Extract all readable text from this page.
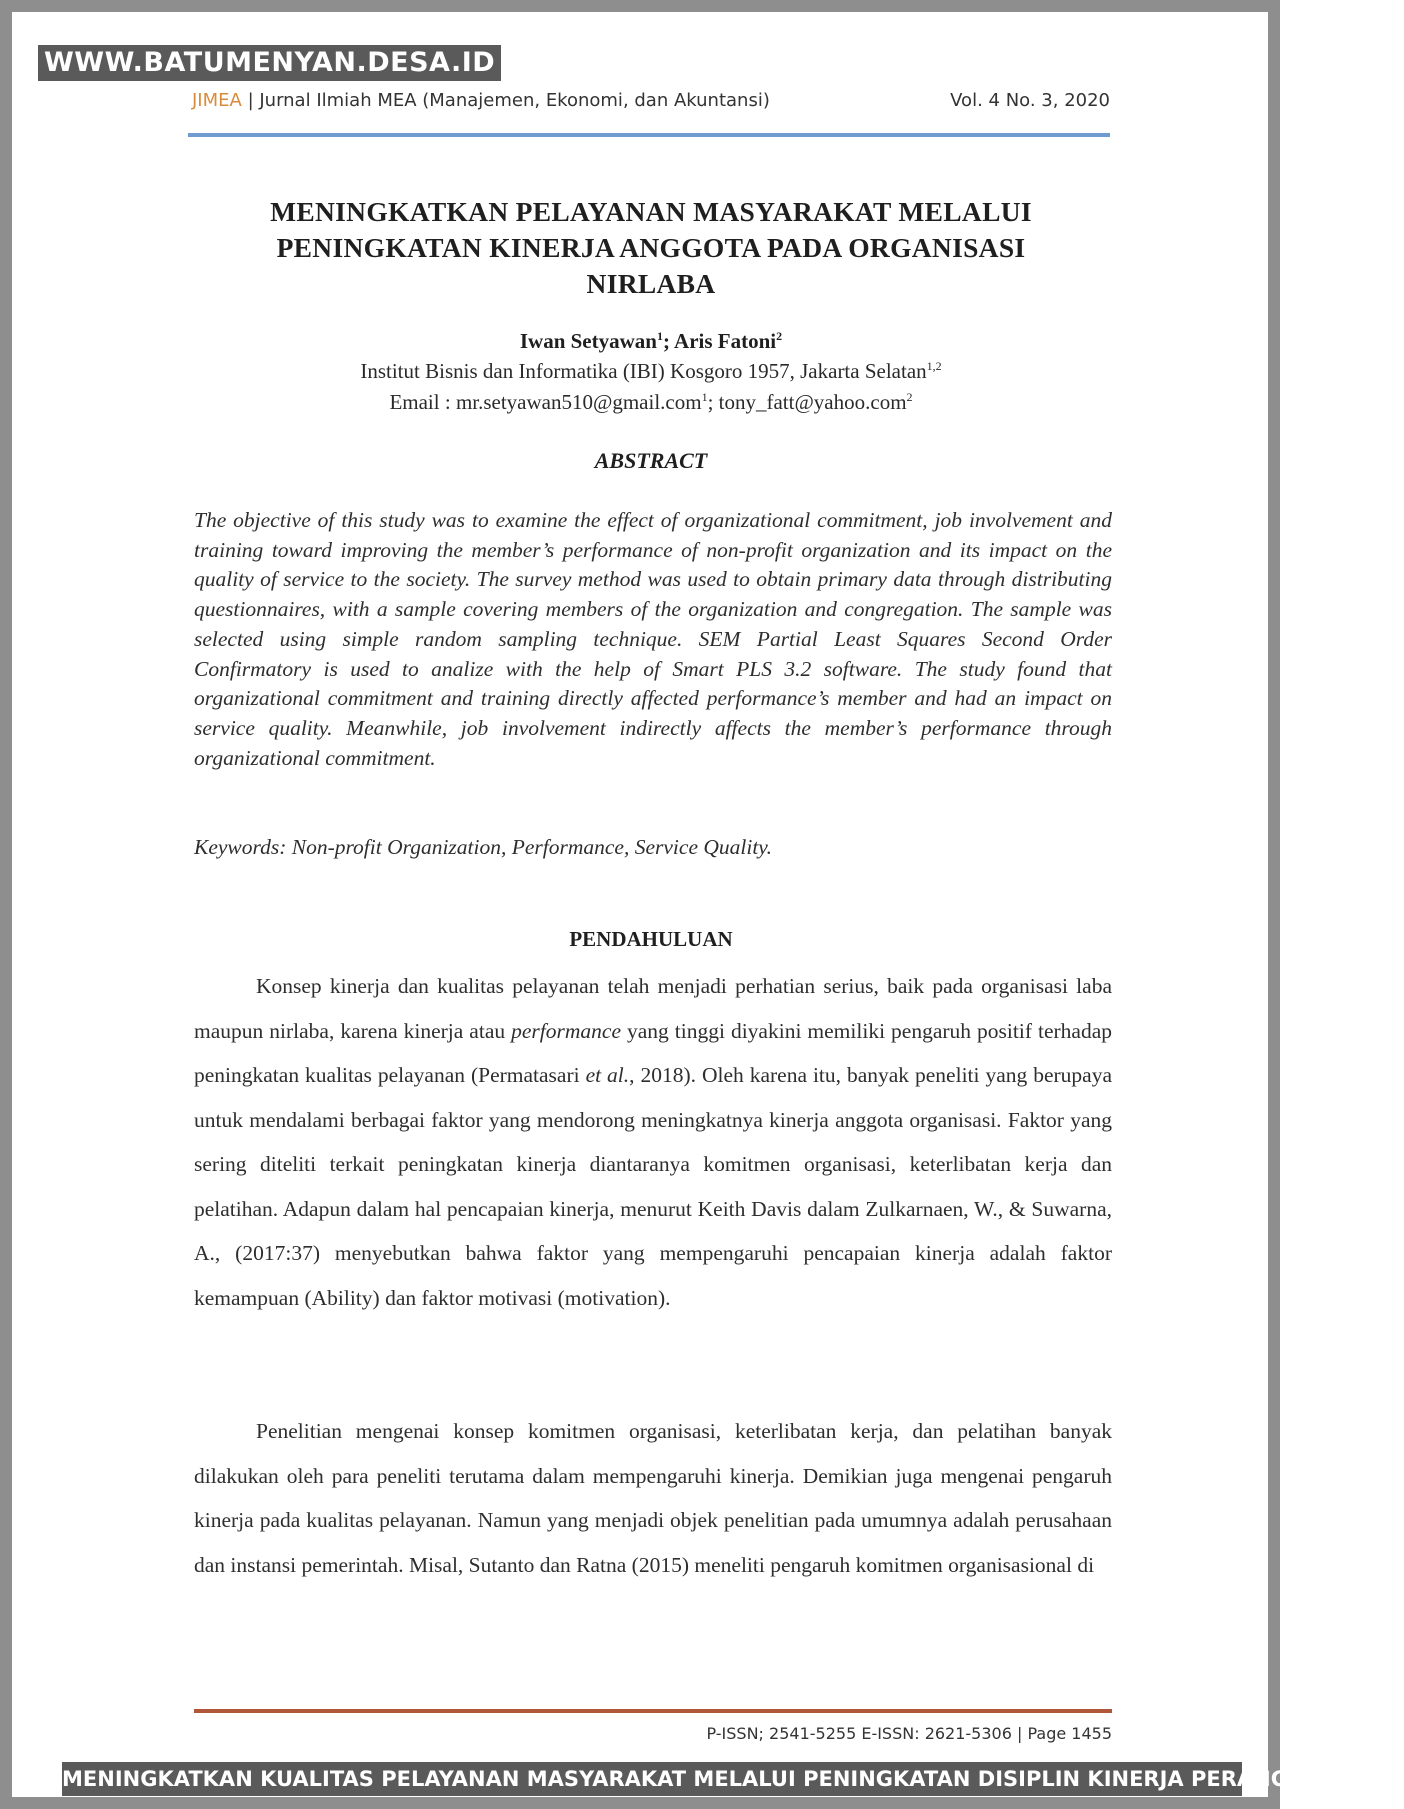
WWW.BATUMENYAN.DESA.ID
JIMEA | Jurnal Ilmiah MEA (Manajemen, Ekonomi, dan Akuntansi)	Vol. 4 No. 3, 2020
MENINGKATKAN PELAYANAN MASYARAKAT MELALUI
PENINGKATAN KINERJA ANGGOTA PADA ORGANISASI
NIRLABA
Iwan Setyawan$^1$; Aris Fatoni$^2$
Institut Bisnis dan Informatika (IBI) Kosgoro 1957, Jakarta Selatan$^{1,2}$
Email : mr.setyawan510@gmail.com$^1$; tony_fatt@yahoo.com$^2$
ABSTRACT

The objective of this study was to examine the effect of organizational commitment, job involvement and training toward improving the member’s performance of non-profit organization and its impact on the quality of service to the society. The survey method was used to obtain primary data through distributing questionnaires, with a sample covering members of the organization and congregation. The sample was selected using simple random sampling technique. SEM Partial Least Squares Second Order Confirmatory is used to analize with the help of Smart PLS 3.2 software. The study found that organizational commitment and training directly affected performance’s member and had an impact on service quality. Meanwhile, job involvement indirectly affects the member’s performance through organizational commitment.

Keywords: Non-profit Organization, Performance, Service Quality.
PENDAHULUAN

Konsep kinerja dan kualitas pelayanan telah menjadi perhatian serius, baik pada organisasi laba maupun nirlaba, karena kinerja atau performance yang tinggi diyakini memiliki pengaruh positif terhadap peningkatan kualitas pelayanan (Permatasari et al., 2018). Oleh karena itu, banyak peneliti yang berupaya untuk mendalami berbagai faktor yang mendorong meningkatnya kinerja anggota organisasi. Faktor yang sering diteliti terkait peningkatan kinerja diantaranya komitmen organisasi, keterlibatan kerja dan pelatihan. Adapun dalam hal pencapaian kinerja, menurut Keith Davis dalam Zulkarnaen, W., & Suwarna, A., (2017:37) menyebutkan bahwa faktor yang mempengaruhi pencapaian kinerja adalah faktor kemampuan (Ability) dan faktor motivasi (motivation).

Penelitian mengenai konsep komitmen organisasi, keterlibatan kerja, dan pelatihan banyak dilakukan oleh para peneliti terutama dalam mempengaruhi kinerja. Demikian juga mengenai pengaruh kinerja pada kualitas pelayanan. Namun yang menjadi objek penelitian pada umumnya adalah perusahaan dan instansi pemerintah. Misal, Sutanto dan Ratna (2015) meneliti pengaruh komitmen organisasional di

P-ISSN; 2541-5255 E-ISSN: 2621-5306 | Page 1455
MENINGKATKAN KUALITAS PELAYANAN MASYARAKAT MELALUI PENINGKATAN DISIPLIN KINERJA PERANGKAT DESA
